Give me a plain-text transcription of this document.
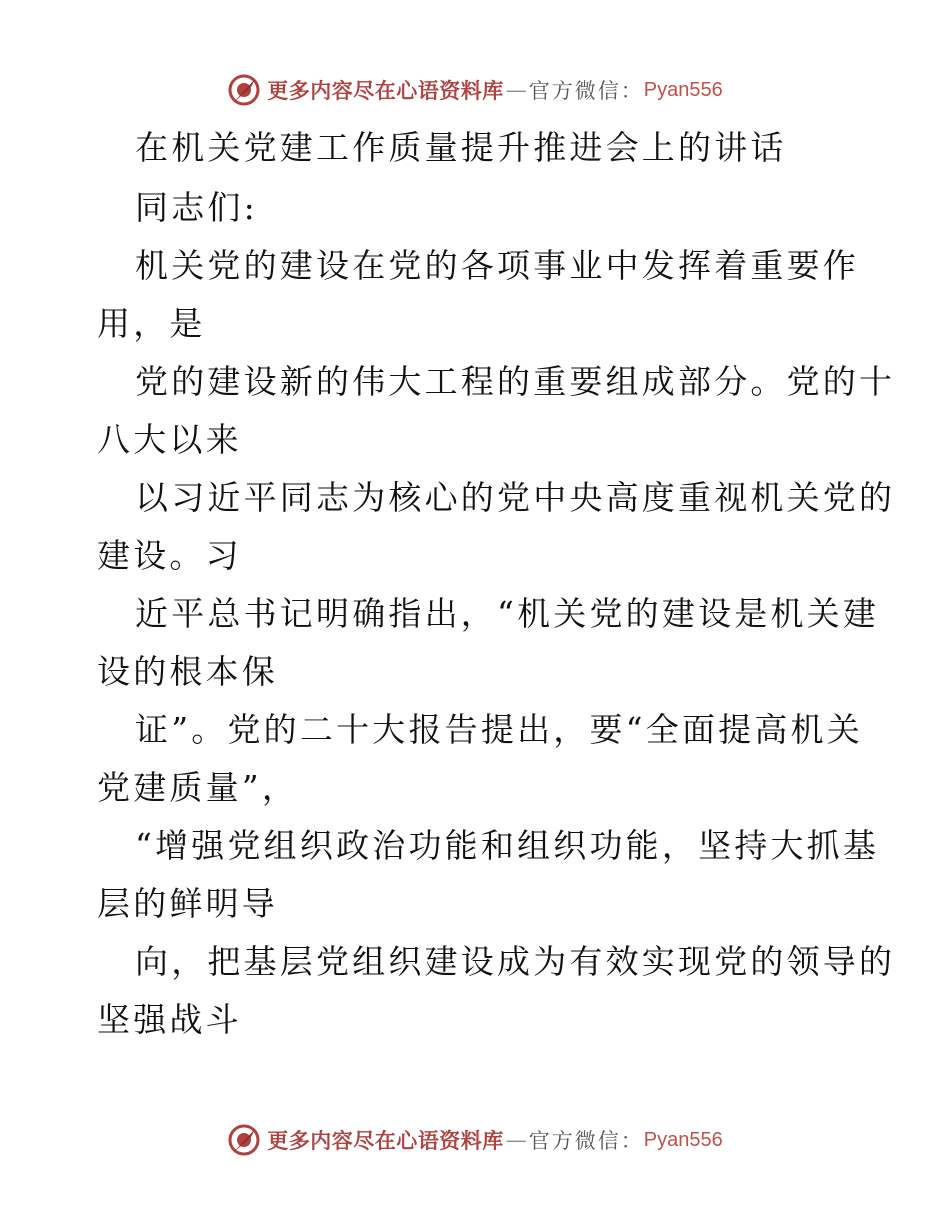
更多内容尽在心语资料库 — 官方微信： Pyan556
在机关党建工作质量提升推进会上的讲话
同志们:
机关党的建设在党的各项事业中发挥着重要作
用，是
党的建设新的伟大工程的重要组成部分。党的十
八大以来
以习近平同志为核心的党中央高度重视机关党的
建设。习
近平总书记明确指出，“机关党的建设是机关建
设的根本保
证”。党的二十大报告提出，要“全面提高机关
党建质量”，
“增强党组织政治功能和组织功能，坚持大抓基
层的鲜明导
向，把基层党组织建设成为有效实现党的领导的
坚强战斗
更多内容尽在心语资料库 — 官方微信： Pyan556
